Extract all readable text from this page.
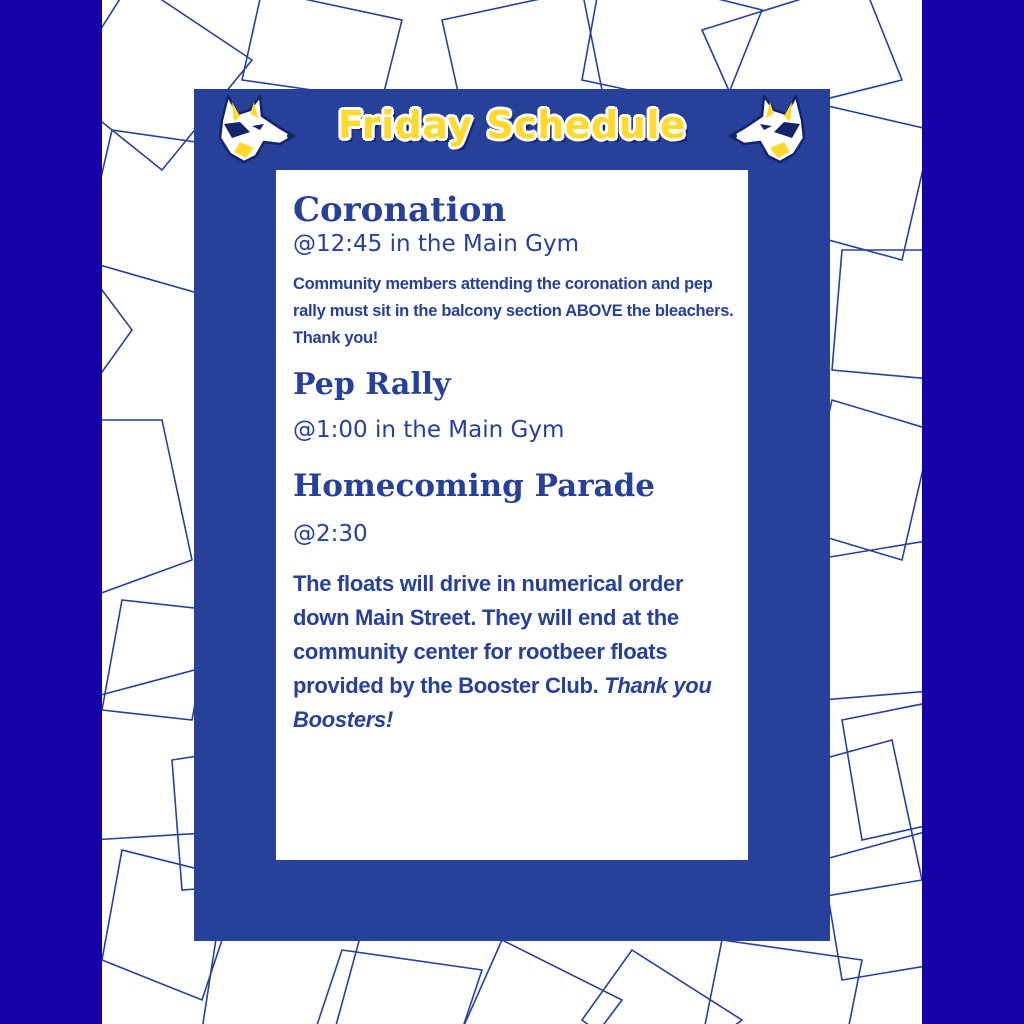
Friday Schedule
Coronation

@12:45 in the Main Gym

Community members attending the coronation and pep rally must sit in the balcony section ABOVE the bleachers. Thank you!

Pep Rally

@1:00 in the Main Gym

Homecoming Parade

@2:30

The floats will drive in numerical order down Main Street. They will end at the community center for rootbeer floats provided by the Booster Club. Thank you Boosters!
